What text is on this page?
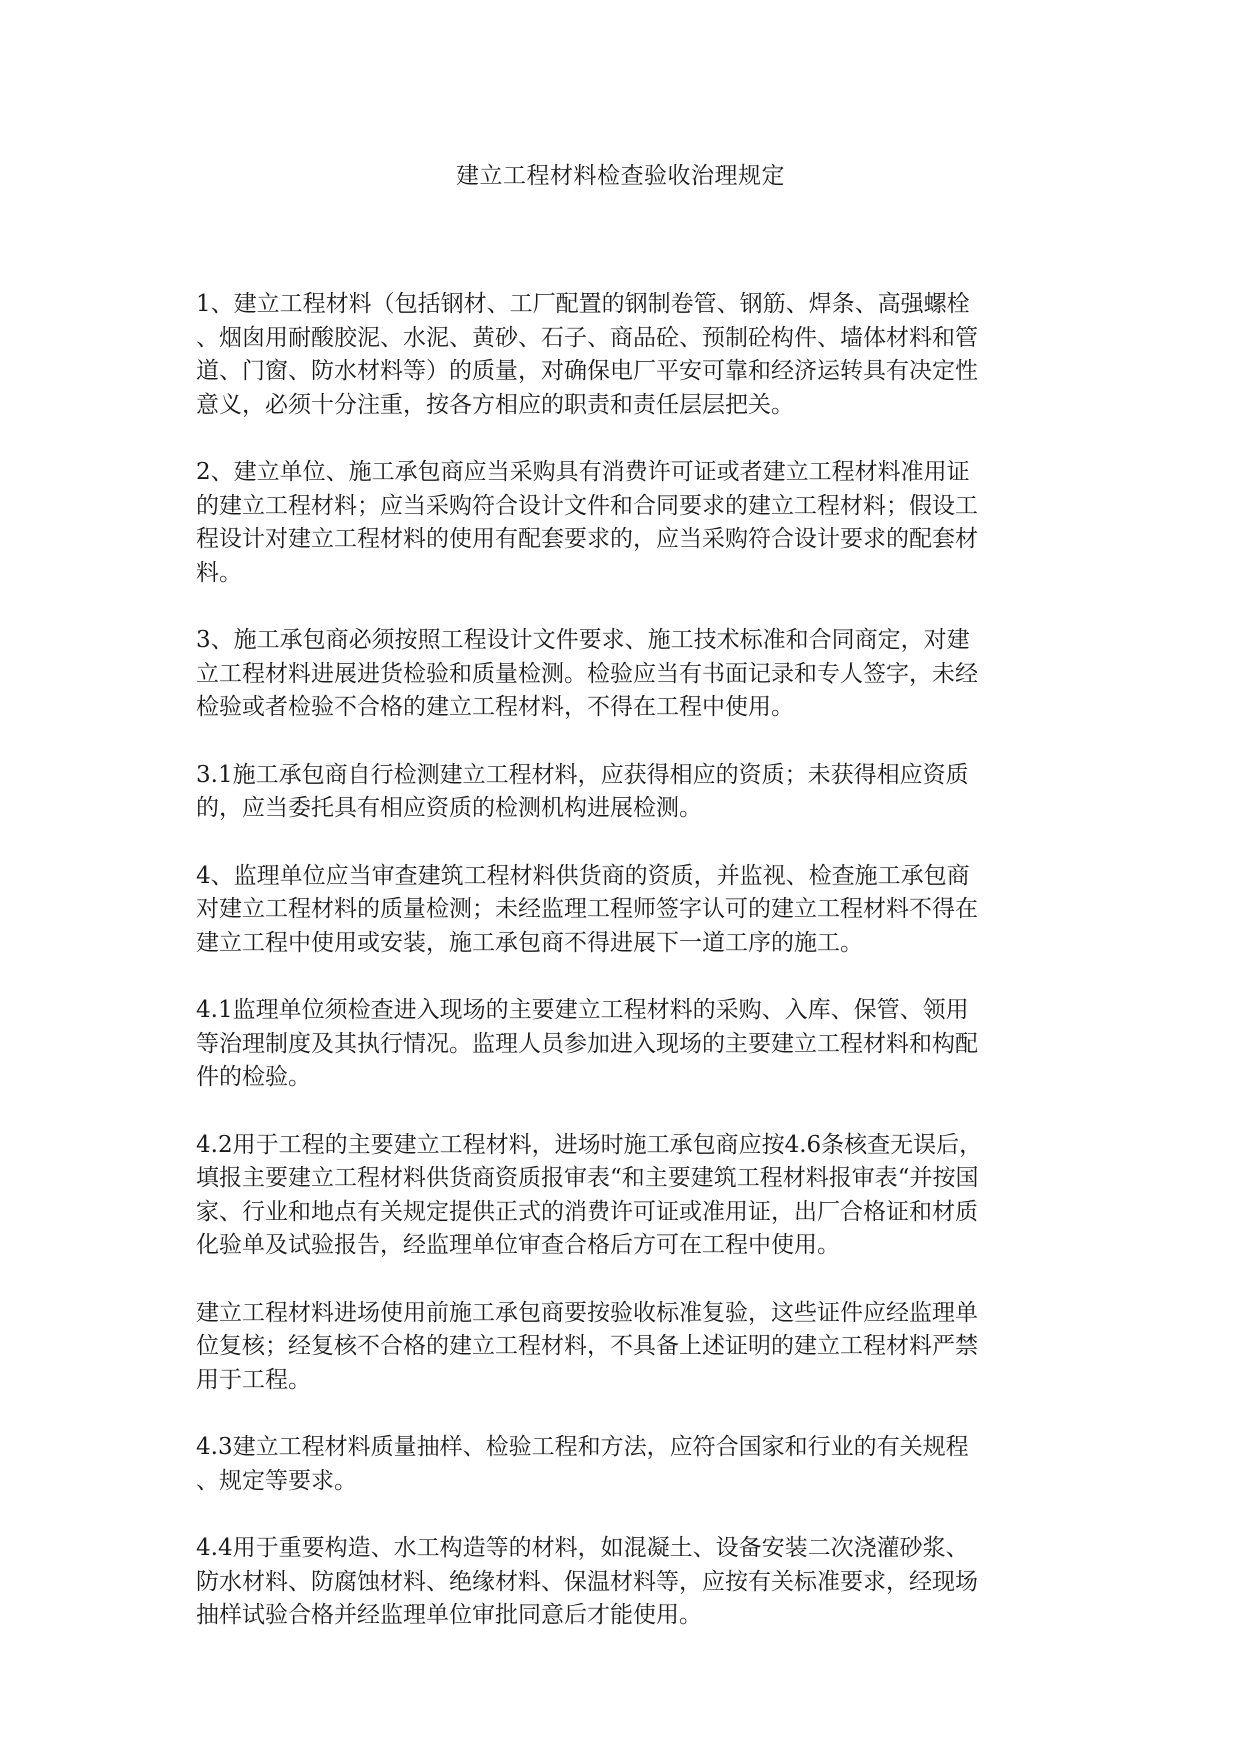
建立工程材料检查验收治理规定

1、建立工程材料（包括钢材、工厂配置的钢制卷管、钢筋、焊条、高强螺栓
、烟囱用耐酸胶泥、水泥、黄砂、石子、商品砼、预制砼构件、墙体材料和管
道、门窗、防水材料等）的质量，对确保电厂平安可靠和经济运转具有决定性
意义，必须十分注重，按各方相应的职责和责任层层把关。

2、建立单位、施工承包商应当采购具有消费许可证或者建立工程材料准用证
的建立工程材料；应当采购符合设计文件和合同要求的建立工程材料；假设工
程设计对建立工程材料的使用有配套要求的，应当采购符合设计要求的配套材
料。

3、施工承包商必须按照工程设计文件要求、施工技术标准和合同商定，对建
立工程材料进展进货检验和质量检测。检验应当有书面记录和专人签字，未经
检验或者检验不合格的建立工程材料，不得在工程中使用。

3.1施工承包商自行检测建立工程材料，应获得相应的资质；未获得相应资质
的，应当委托具有相应资质的检测机构进展检测。

4、监理单位应当审查建筑工程材料供货商的资质，并监视、检查施工承包商
对建立工程材料的质量检测；未经监理工程师签字认可的建立工程材料不得在
建立工程中使用或安装，施工承包商不得进展下一道工序的施工。

4.1监理单位须检查进入现场的主要建立工程材料的采购、入库、保管、领用
等治理制度及其执行情况。监理人员参加进入现场的主要建立工程材料和构配
件的检验。

4.2用于工程的主要建立工程材料，进场时施工承包商应按4.6条核查无误后，
填报主要建立工程材料供货商资质报审表“和主要建筑工程材料报审表“并按国
家、行业和地点有关规定提供正式的消费许可证或准用证，出厂合格证和材质
化验单及试验报告，经监理单位审查合格后方可在工程中使用。

建立工程材料进场使用前施工承包商要按验收标准复验，这些证件应经监理单
位复核；经复核不合格的建立工程材料，不具备上述证明的建立工程材料严禁
用于工程。

4.3建立工程材料质量抽样、检验工程和方法，应符合国家和行业的有关规程
、规定等要求。

4.4用于重要构造、水工构造等的材料，如混凝土、设备安装二次浇灌砂浆、
防水材料、防腐蚀材料、绝缘材料、保温材料等，应按有关标准要求，经现场
抽样试验合格并经监理单位审批同意后才能使用。
